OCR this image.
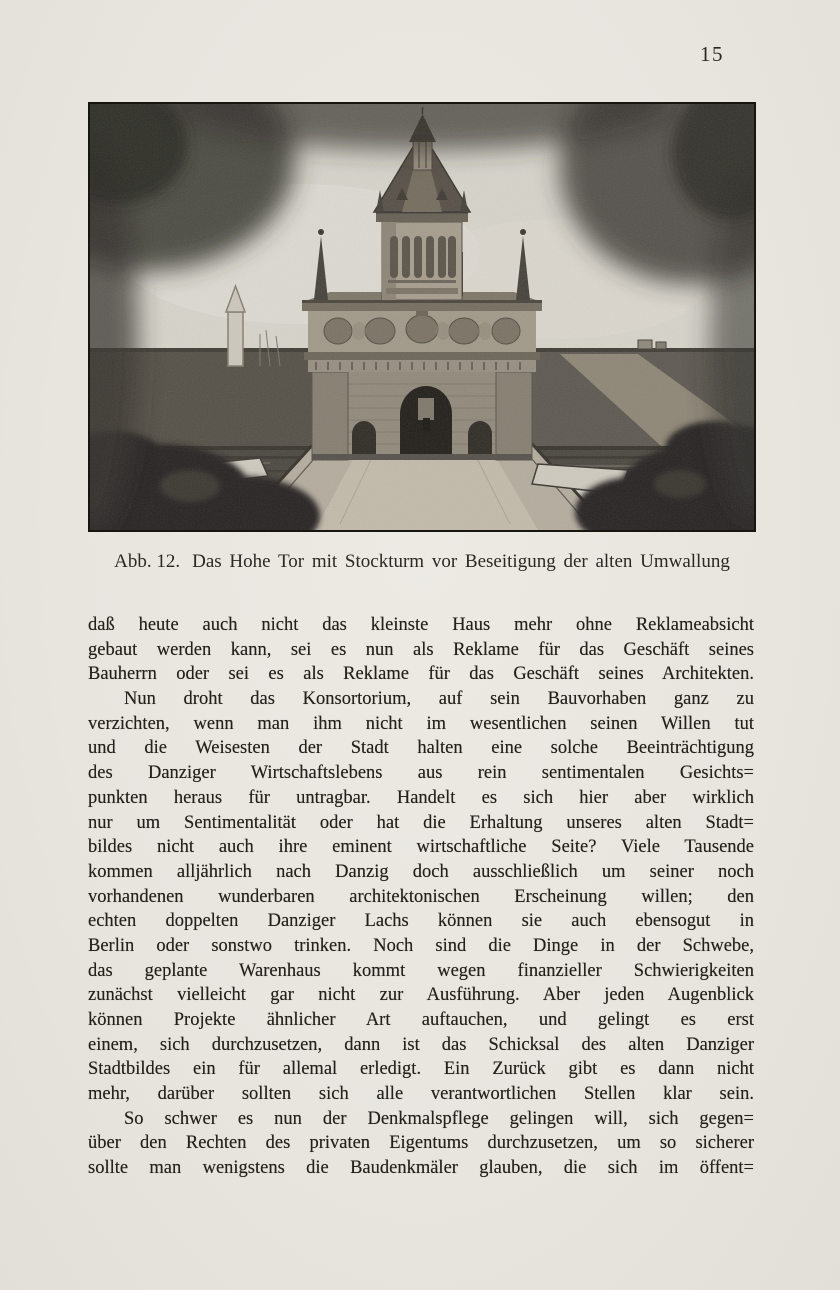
15
Abb. 12. Das Hohe Tor mit Stockturm vor Beseitigung der alten Umwallung
daß heute auch nicht das kleinste Haus mehr ohne Reklameabsicht
gebaut werden kann, sei es nun als Reklame für das Geschäft seines
Bauherrn oder sei es als Reklame für das Geschäft seines Architekten.
Nun droht das Konsortorium, auf sein Bauvorhaben ganz zu
verzichten, wenn man ihm nicht im wesentlichen seinen Willen tut
und die Weisesten der Stadt halten eine solche Beeinträchtigung
des Danziger Wirtschaftslebens aus rein sentimentalen Gesichts=
punkten heraus für untragbar. Handelt es sich hier aber wirklich
nur um Sentimentalität oder hat die Erhaltung unseres alten Stadt=
bildes nicht auch ihre eminent wirtschaftliche Seite? Viele Tausende
kommen alljährlich nach Danzig doch ausschließlich um seiner noch
vorhandenen wunderbaren architektonischen Erscheinung willen; den
echten doppelten Danziger Lachs können sie auch ebensogut in
Berlin oder sonstwo trinken. Noch sind die Dinge in der Schwebe,
das geplante Warenhaus kommt wegen finanzieller Schwierigkeiten
zunächst vielleicht gar nicht zur Ausführung. Aber jeden Augenblick
können Projekte ähnlicher Art auftauchen, und gelingt es erst
einem, sich durchzusetzen, dann ist das Schicksal des alten Danziger
Stadtbildes ein für allemal erledigt. Ein Zurück gibt es dann nicht
mehr, darüber sollten sich alle verantwortlichen Stellen klar sein.
So schwer es nun der Denkmalspflege gelingen will, sich gegen=
über den Rechten des privaten Eigentums durchzusetzen, um so sicherer
sollte man wenigstens die Baudenkmäler glauben, die sich im öffent=
